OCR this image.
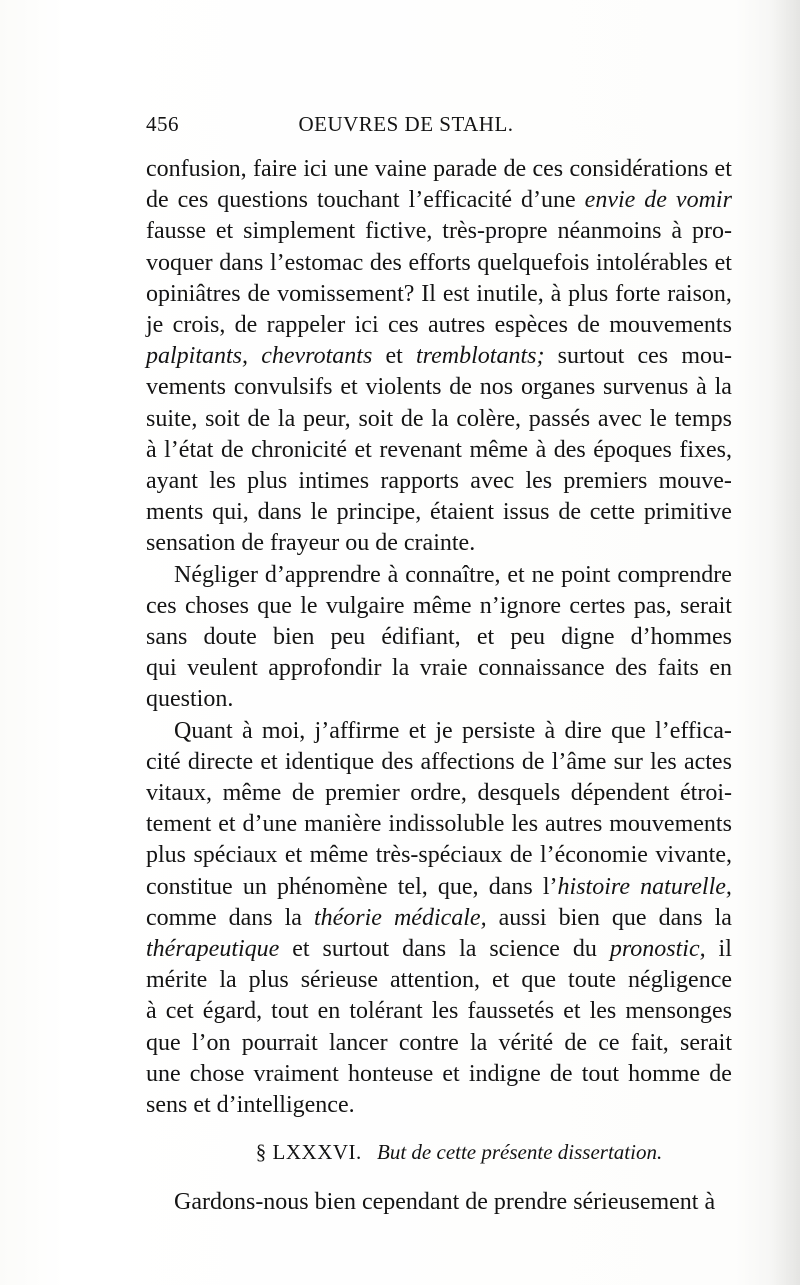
456	OEUVRES DE STAHL.
confusion, faire ici une vaine parade de ces considérations et
de ces questions touchant l’efficacité d’une envie de vomir
fausse et simplement fictive, très-propre néanmoins à pro-
voquer dans l’estomac des efforts quelquefois intolérables et
opiniâtres de vomissement? Il est inutile, à plus forte raison,
je crois, de rappeler ici ces autres espèces de mouvements
palpitants, chevrotants et tremblotants; surtout ces mou-
vements convulsifs et violents de nos organes survenus à la
suite, soit de la peur, soit de la colère, passés avec le temps
à l’état de chronicité et revenant même à des époques fixes,
ayant les plus intimes rapports avec les premiers mouve-
ments qui, dans le principe, étaient issus de cette primitive
sensation de frayeur ou de crainte.
Négliger d’apprendre à connaître, et ne point comprendre
ces choses que le vulgaire même n’ignore certes pas, serait
sans doute bien peu édifiant, et peu digne d’hommes
qui veulent approfondir la vraie connaissance des faits en
question.
Quant à moi, j’affirme et je persiste à dire que l’effica-
cité directe et identique des affections de l’âme sur les actes
vitaux, même de premier ordre, desquels dépendent étroi-
tement et d’une manière indissoluble les autres mouvements
plus spéciaux et même très-spéciaux de l’économie vivante,
constitue un phénomène tel, que, dans l’histoire naturelle,
comme dans la théorie médicale, aussi bien que dans la
thérapeutique et surtout dans la science du pronostic, il
mérite la plus sérieuse attention, et que toute négligence
à cet égard, tout en tolérant les faussetés et les mensonges
que l’on pourrait lancer contre la vérité de ce fait, serait
une chose vraiment honteuse et indigne de tout homme de
sens et d’intelligence.
§ LXXXVI. But de cette présente dissertation.
Gardons-nous bien cependant de prendre sérieusement à
